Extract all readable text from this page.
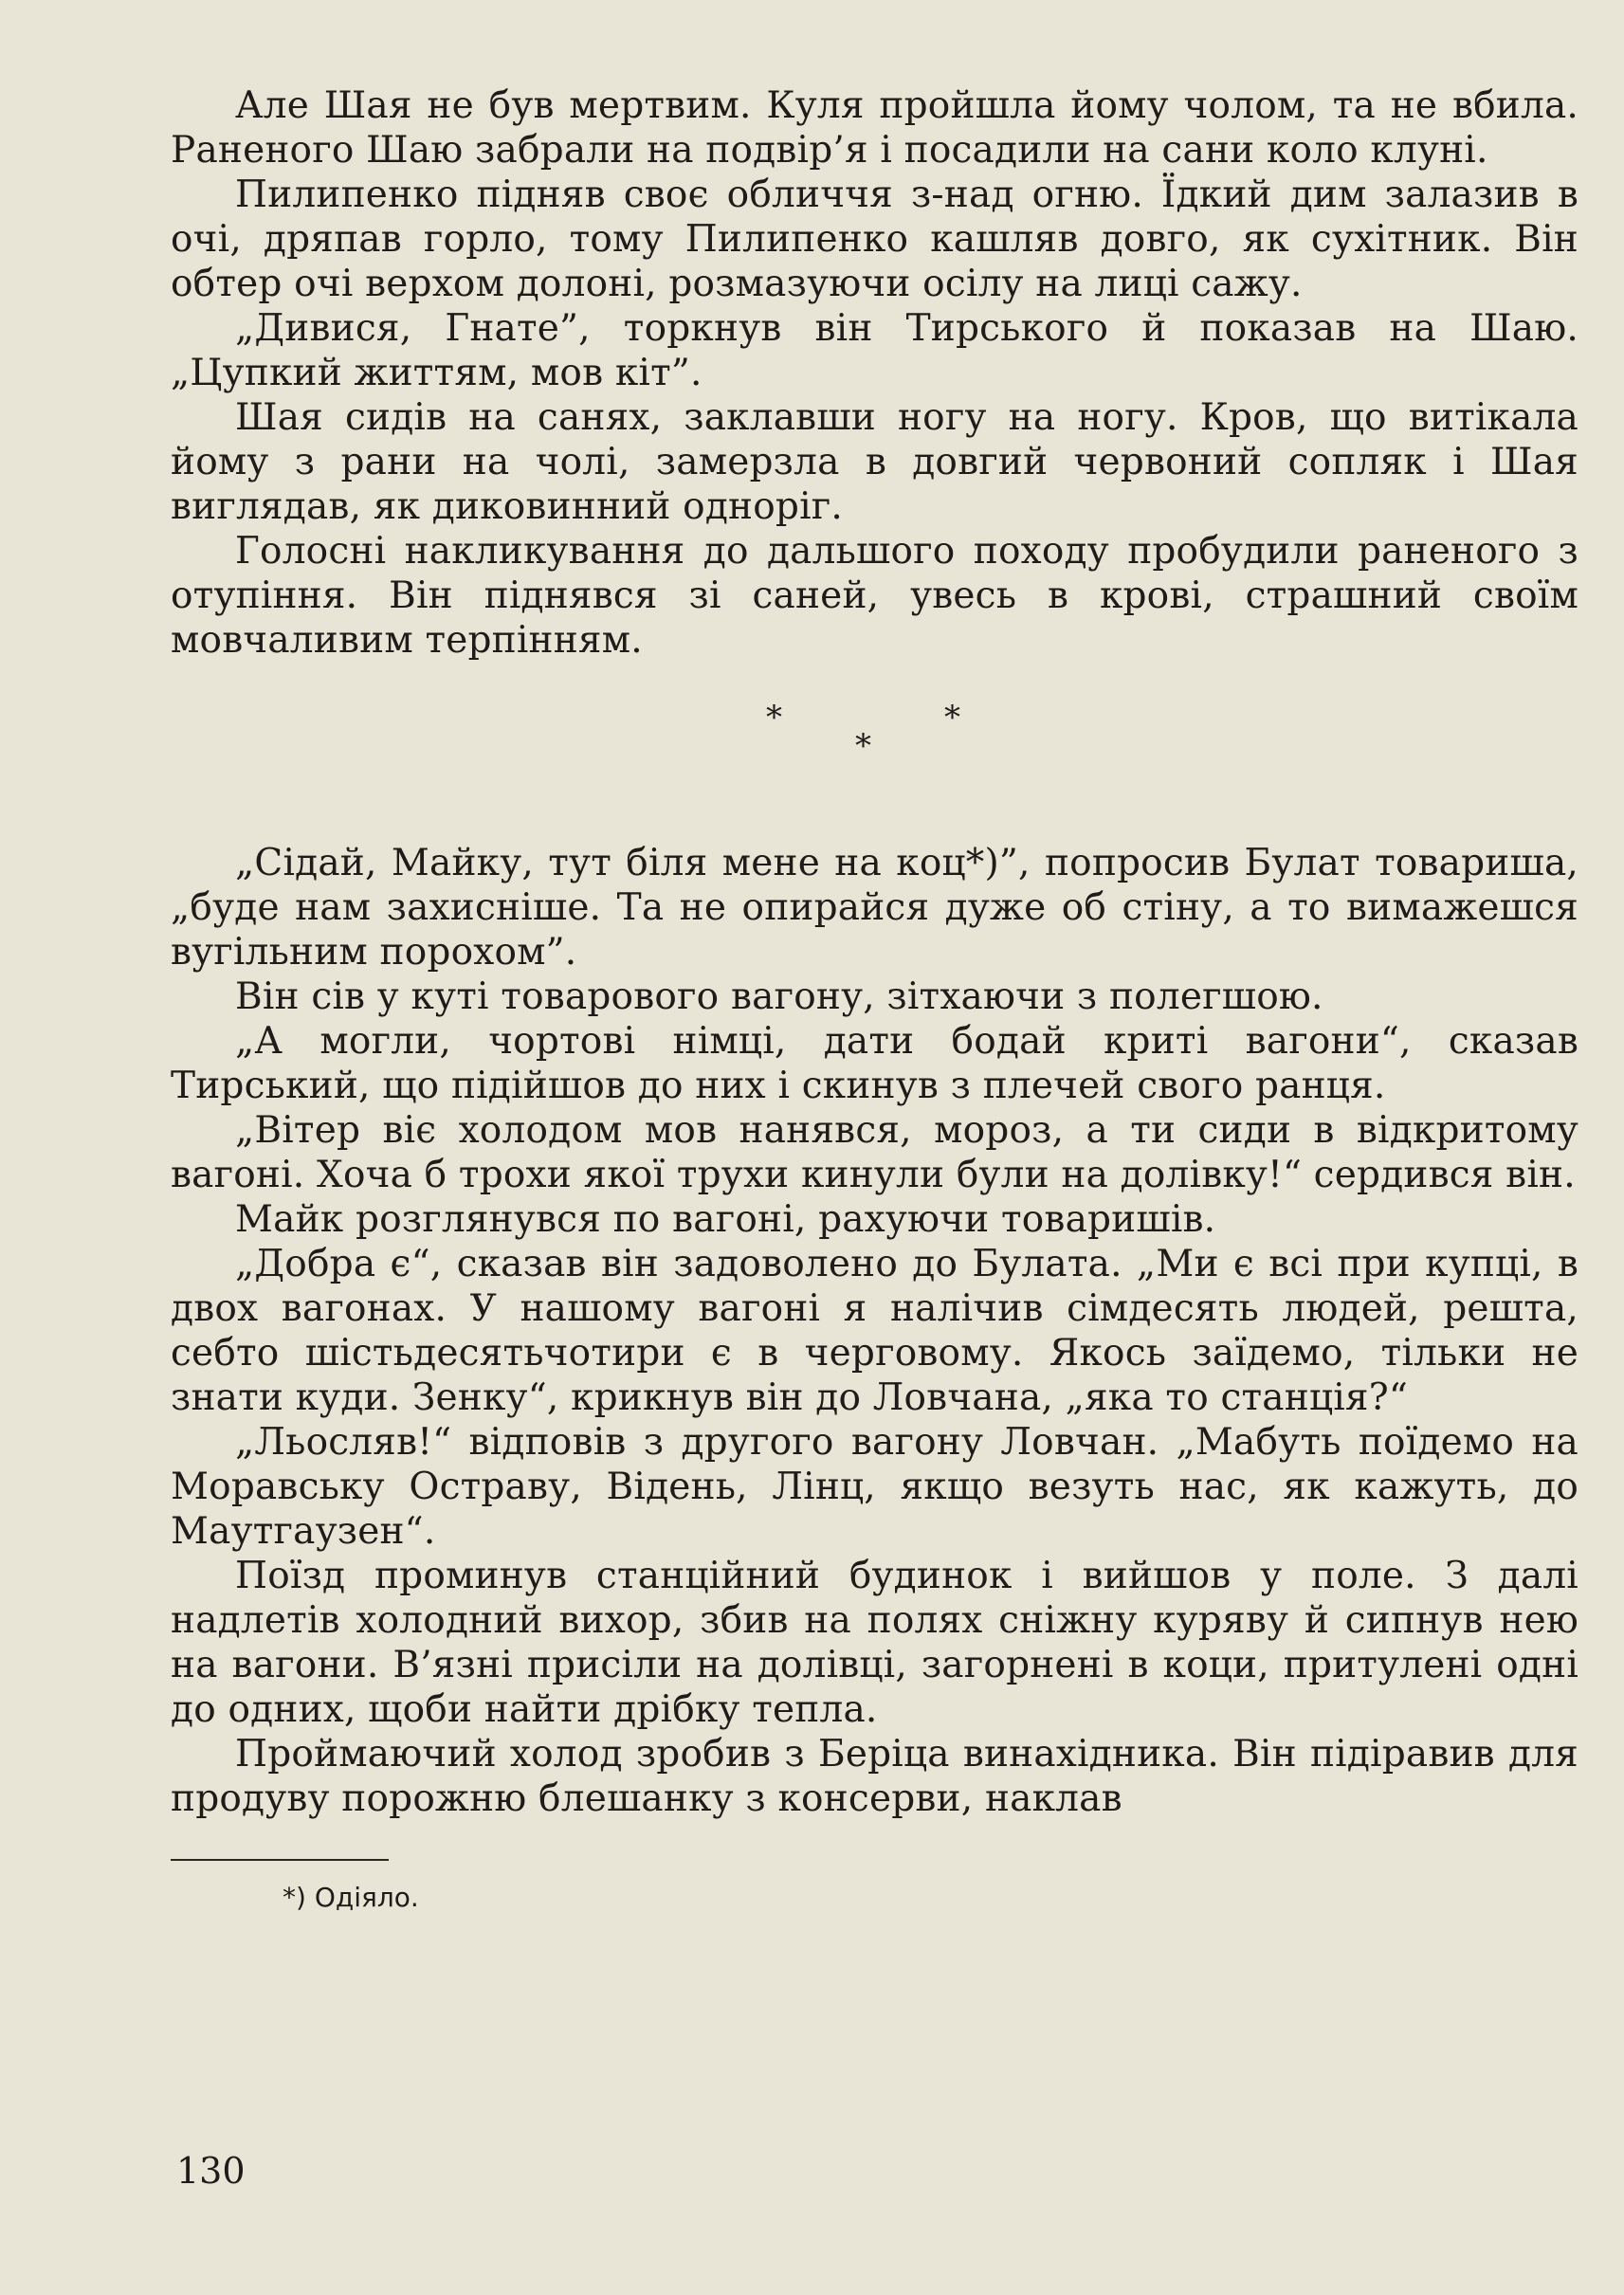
Але Шая не був мертвим. Куля пройшла йому чолом, та не вбила. Раненого Шаю забрали на подвір’я і посадили на сани коло клуні.

Пилипенко підняв своє обличчя з-над огню. Їдкий дим залазив в очі, дряпав горло, тому Пилипенко кашляв довго, як сухітник. Він обтер очі верхом долоні, розмазуючи осілу на лиці сажу.

„Дивися, Гнате”, торкнув він Тирського й показав на Шаю. „Цупкий життям, мов кіт”.

Шая сидів на санях, заклавши ногу на ногу. Кров, що витікала йому з рани на чолі, замерзла в довгий червоний сопляк і Шая виглядав, як диковинний одноріг.

Голосні накликування до дальшого походу пробудили раненого з отупіння. Він піднявся зі саней, увесь в крові, страшний своїм мовчаливим терпінням.

*	*
*

„Сідай, Майку, тут біля мене на коц*)”, попросив Булат товариша, „буде нам захисніше. Та не опирайся дуже об стіну, а то вимажешся вугільним порохом”.

Він сів у куті товарового вагону, зітхаючи з полегшою.

„А могли, чортові німці, дати бодай криті вагони“, сказав Тирський, що підійшов до них і скинув з плечей свого ранця.

„Вітер віє холодом мов нанявся, мороз, а ти сиди в відкритому вагоні. Хоча б трохи якої трухи кинули були на долівку!“ сердився він.

Майк розглянувся по вагоні, рахуючи товаришів.

„Добра є“, сказав він задоволено до Булата. „Ми є всі при купці, в двох вагонах. У нашому вагоні я налічив сімдесять людей, решта, себто шістьдесятьчотири є в черговому. Якось заїдемо, тільки не знати куди. Зенку“, крикнув він до Ловчана, „яка то станція?“

„Льосляв!“ відповів з другого вагону Ловчан. „Мабуть поїдемо на Моравську Остраву, Відень, Лінц, якщо везуть нас, як кажуть, до Маутгаузен“.

Поїзд проминув станційний будинок і вийшов у поле. З далі надлетів холодний вихор, збив на полях сніжну куряву й сипнув нею на вагони. В’язні присіли на долівці, загорнені в коци, притулені одні до одних, щоби найти дрібку тепла.

Проймаючий холод зробив з Беріца винахідника. Він підіравив для продуву порожню блешанку з консерви, наклав

*) Одіяло.
130
